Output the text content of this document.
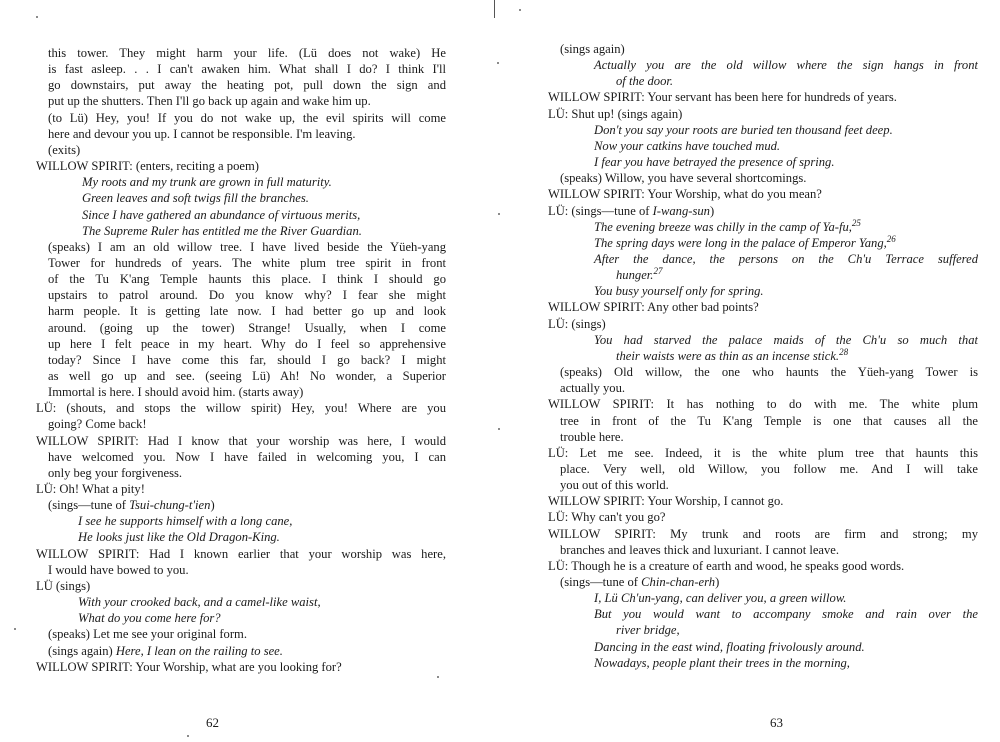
this tower. They might harm your life. (Lü does not wake) He
is fast asleep. . . I can't awaken him. What shall I do? I think I'll
go downstairs, put away the heating pot, pull down the sign and
put up the shutters. Then I'll go back up again and wake him up.
(to Lü) Hey, you! If you do not wake up, the evil spirits will come
here and devour you up. I cannot be responsible. I'm leaving.
(exits)
WILLOW SPIRIT: (enters, reciting a poem)
My roots and my trunk are grown in full maturity.
Green leaves and soft twigs fill the branches.
Since I have gathered an abundance of virtuous merits,
The Supreme Ruler has entitled me the River Guardian.
(speaks) I am an old willow tree. I have lived beside the Yüeh-yang
Tower for hundreds of years. The white plum tree spirit in front
of the Tu K'ang Temple haunts this place. I think I should go
upstairs to patrol around. Do you know why? I fear she might
harm people. It is getting late now. I had better go up and look
around. (going up the tower) Strange! Usually, when I come
up here I felt peace in my heart. Why do I feel so apprehensive
today? Since I have come this far, should I go back? I might
as well go up and see. (seeing Lü) Ah! No wonder, a Superior
Immortal is here. I should avoid him. (starts away)
LÜ: (shouts, and stops the willow spirit) Hey, you! Where are you
going? Come back!
WILLOW SPIRIT: Had I know that your worship was here, I would
have welcomed you. Now I have failed in welcoming you, I can
only beg your forgiveness.
LÜ: Oh! What a pity!
(sings—tune of Tsui-chung-t'ien)
I see he supports himself with a long cane,
He looks just like the Old Dragon-King.
WILLOW SPIRIT: Had I known earlier that your worship was here,
I would have bowed to you.
LÜ (sings)
With your crooked back, and a camel-like waist,
What do you come here for?
(speaks) Let me see your original form.
(sings again) Here, I lean on the railing to see.
WILLOW SPIRIT: Your Worship, what are you looking for?
62
(sings again)
Actually you are the old willow where the sign hangs in front
of the door.
WILLOW SPIRIT: Your servant has been here for hundreds of years.
LÜ: Shut up! (sings again)
Don't you say your roots are buried ten thousand feet deep.
Now your catkins have touched mud.
I fear you have betrayed the presence of spring.
(speaks) Willow, you have several shortcomings.
WILLOW SPIRIT: Your Worship, what do you mean?
LÜ: (sings—tune of I-wang-sun)
The evening breeze was chilly in the camp of Ya-fu,$^{25}$
The spring days were long in the palace of Emperor Yang,$^{26}$
After the dance, the persons on the Ch'u Terrace suffered
hunger.$^{27}$
You busy yourself only for spring.
WILLOW SPIRIT: Any other bad points?
LÜ: (sings)
You had starved the palace maids of the Ch'u so much that
their waists were as thin as an incense stick.$^{28}$
(speaks) Old willow, the one who haunts the Yüeh-yang Tower is
actually you.
WILLOW SPIRIT: It has nothing to do with me. The white plum
tree in front of the Tu K'ang Temple is one that causes all the
trouble here.
LÜ: Let me see. Indeed, it is the white plum tree that haunts this
place. Very well, old Willow, you follow me. And I will take
you out of this world.
WILLOW SPIRIT: Your Worship, I cannot go.
LÜ: Why can't you go?
WILLOW SPIRIT: My trunk and roots are firm and strong; my
branches and leaves thick and luxuriant. I cannot leave.
LÜ: Though he is a creature of earth and wood, he speaks good words.
(sings—tune of Chin-chan-erh)
I, Lü Ch'un-yang, can deliver you, a green willow.
But you would want to accompany smoke and rain over the
river bridge,
Dancing in the east wind, floating frivolously around.
Nowadays, people plant their trees in the morning,
63
